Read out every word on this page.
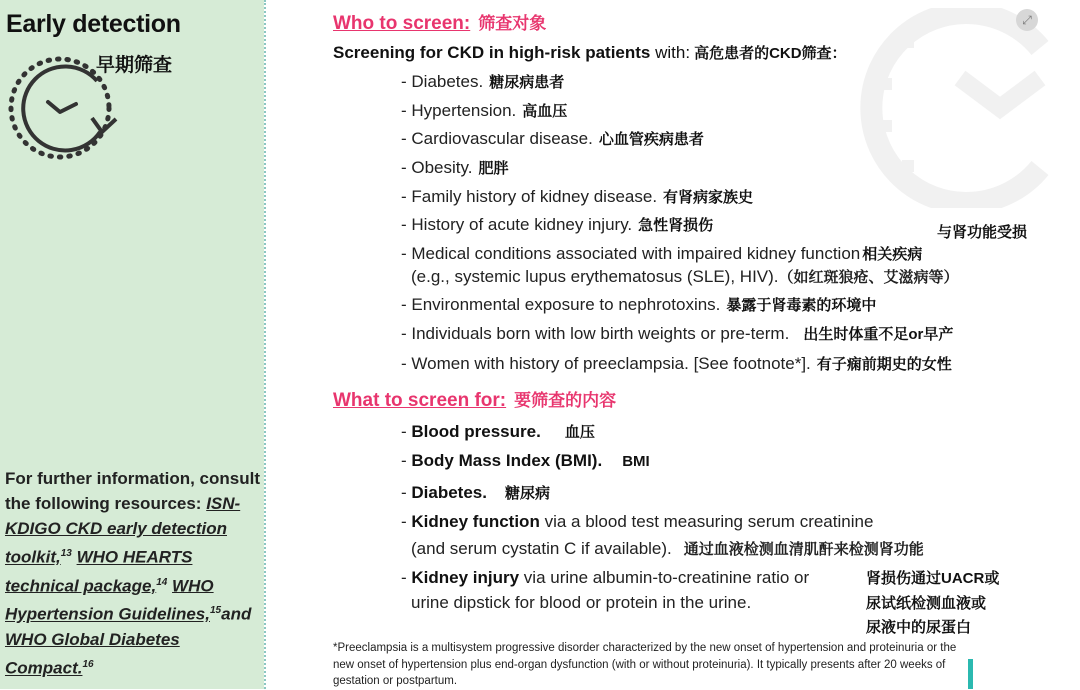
Early detection
早期筛查
For further information, consult the following resources: ISN-KDIGO CKD early detection toolkit,$^{13}$ WHO HEARTS technical package,$^{14}$ WHO Hypertension Guidelines,$^{15}$and WHO Global Diabetes Compact.$^{16}$
⤢
Who to screen: 筛查对象
Screening for CKD in high-risk patients with: 高危患者的CKD筛查：
- Diabetes. 糖尿病患者
- Hypertension. 高血压
- Cardiovascular disease. 心血管疾病患者
- Obesity. 肥胖
- Family history of kidney disease. 有肾病家族史
- History of acute kidney injury. 急性肾损伤	与肾功能受损
- Medical conditions associated with impaired kidney function 相关疾病
(e.g., systemic lupus erythematosus (SLE), HIV).（如红斑狼疮、艾滋病等）
- Environmental exposure to nephrotoxins. 暴露于肾毒素的环境中
- Individuals born with low birth weights or pre-term. 出生时体重不足or早产
- Women with history of preeclampsia. [See footnote*]. 有子痫前期史的女性
What to screen for: 要筛查的内容
- Blood pressure. 血压
- Body Mass Index (BMI). BMI
- Diabetes. 糖尿病
- Kidney function via a blood test measuring serum creatinine
(and serum cystatin C if available). 通过血液检测血清肌酐来检测肾功能
- Kidney injury via urine albumin-to-creatinine ratio or
urine dipstick for blood or protein in the urine.
肾损伤通过UACR或
尿试纸检测血液或
尿液中的尿蛋白
*Preeclampsia is a multisystem progressive disorder characterized by the new onset of hypertension and proteinuria or the new onset of hypertension plus end-organ dysfunction (with or without proteinuria). It typically presents after 20 weeks of gestation or postpartum.
